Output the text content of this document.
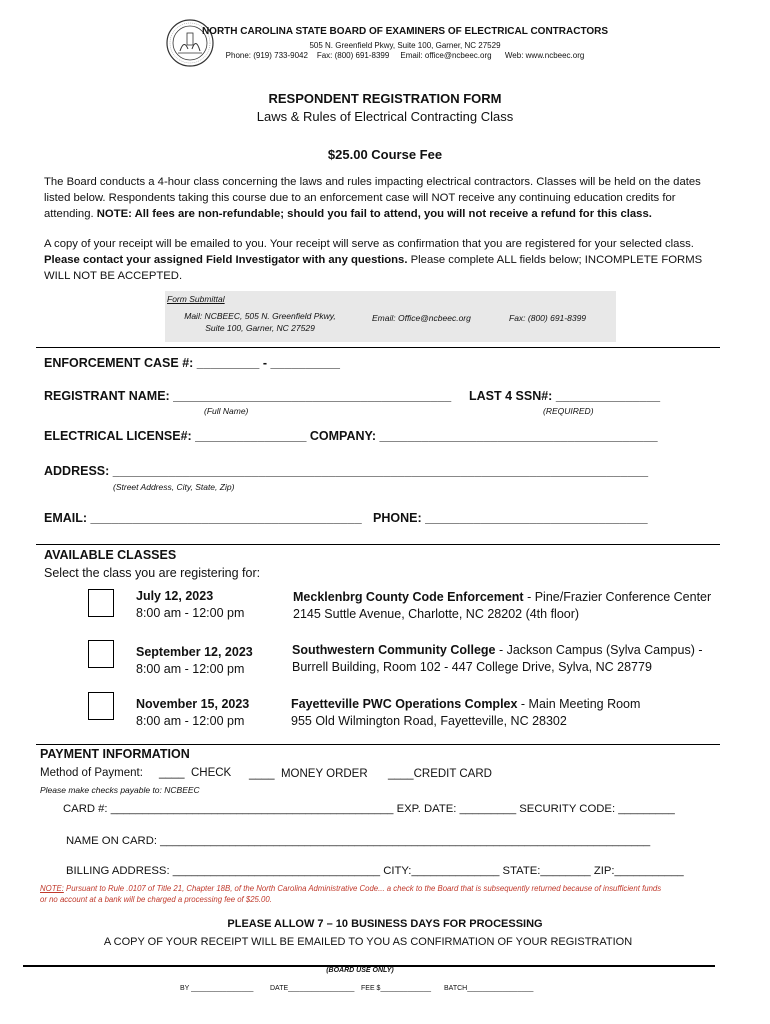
NORTH CAROLINA STATE BOARD OF EXAMINERS OF ELECTRICAL CONTRACTORS
505 N. Greenfield Pkwy, Suite 100, Garner, NC 27529
Phone: (919) 733-9042    Fax: (800) 691-8399     Email: office@ncbeec.org      Web: www.ncbeec.org
RESPONDENT REGISTRATION FORM
Laws & Rules of Electrical Contracting Class
$25.00 Course Fee
The Board conducts a 4-hour class concerning the laws and rules impacting electrical contractors. Classes will be held on the dates listed below. Respondents taking this course due to an enforcement case will NOT receive any continuing education credits for attending. NOTE: All fees are non-refundable; should you fail to attend, you will not receive a refund for this class.
A copy of your receipt will be emailed to you. Your receipt will serve as confirmation that you are registered for your selected class. Please contact your assigned Field Investigator with any questions. Please complete ALL fields below; INCOMPLETE FORMS WILL NOT BE ACCEPTED.
Form Submittal
Mail: NCBEEC, 505 N. Greenfield Pkwy,
Suite 100, Garner, NC 27529
Email: Office@ncbeec.org	Fax: (800) 691-8399
ENFORCEMENT CASE #: _________ - __________
REGISTRANT NAME: ________________________________________ LAST 4 SSN#: _______________
(Full Name)	(REQUIRED)
ELECTRICAL LICENSE#: ________________ COMPANY: ________________________________________
ADDRESS: _____________________________________________________________________________
(Street Address, City, State, Zip)
EMAIL: _______________________________________ PHONE: ________________________________
AVAILABLE CLASSES
Select the class you are registering for:
July 12, 2023
8:00 am - 12:00 pm
Mecklenbrg County Code Enforcement - Pine/Frazier Conference Center
2145 Suttle Avenue, Charlotte, NC 28202 (4th floor)
September 12, 2023
8:00 am - 12:00 pm
Southwestern Community College - Jackson Campus (Sylva Campus) -
Burrell Building, Room 102 - 447 College Drive, Sylva, NC 28779
November 15, 2023
8:00 am - 12:00 pm
Fayetteville PWC Operations Complex - Main Meeting Room
955 Old Wilmington Road, Fayetteville, NC 28302
PAYMENT INFORMATION
Method of Payment: ____  CHECK ____  MONEY ORDER ____CREDIT CARD
Please make checks payable to: NCBEEC
CARD #: _____________________________________________ EXP. DATE: _________ SECURITY CODE: _________
NAME ON CARD: ______________________________________________________________________________
BILLING ADDRESS: _________________________________ CITY:______________ STATE:________ ZIP:___________
NOTE: Pursuant to Rule .0107 of Title 21, Chapter 18B, of the North Carolina Administrative Code... a check to the Board that is subsequently returned because of insufficient funds or no account at a bank will be charged a processing fee of $25.00.
PLEASE ALLOW 7 – 10 BUSINESS DAYS FOR PROCESSING
A COPY OF YOUR RECEIPT WILL BE EMAILED TO YOU AS CONFIRMATION OF YOUR REGISTRATION
(BOARD USE ONLY)
BY ________________ DATE_________________ FEE $_____________ BATCH_________________
